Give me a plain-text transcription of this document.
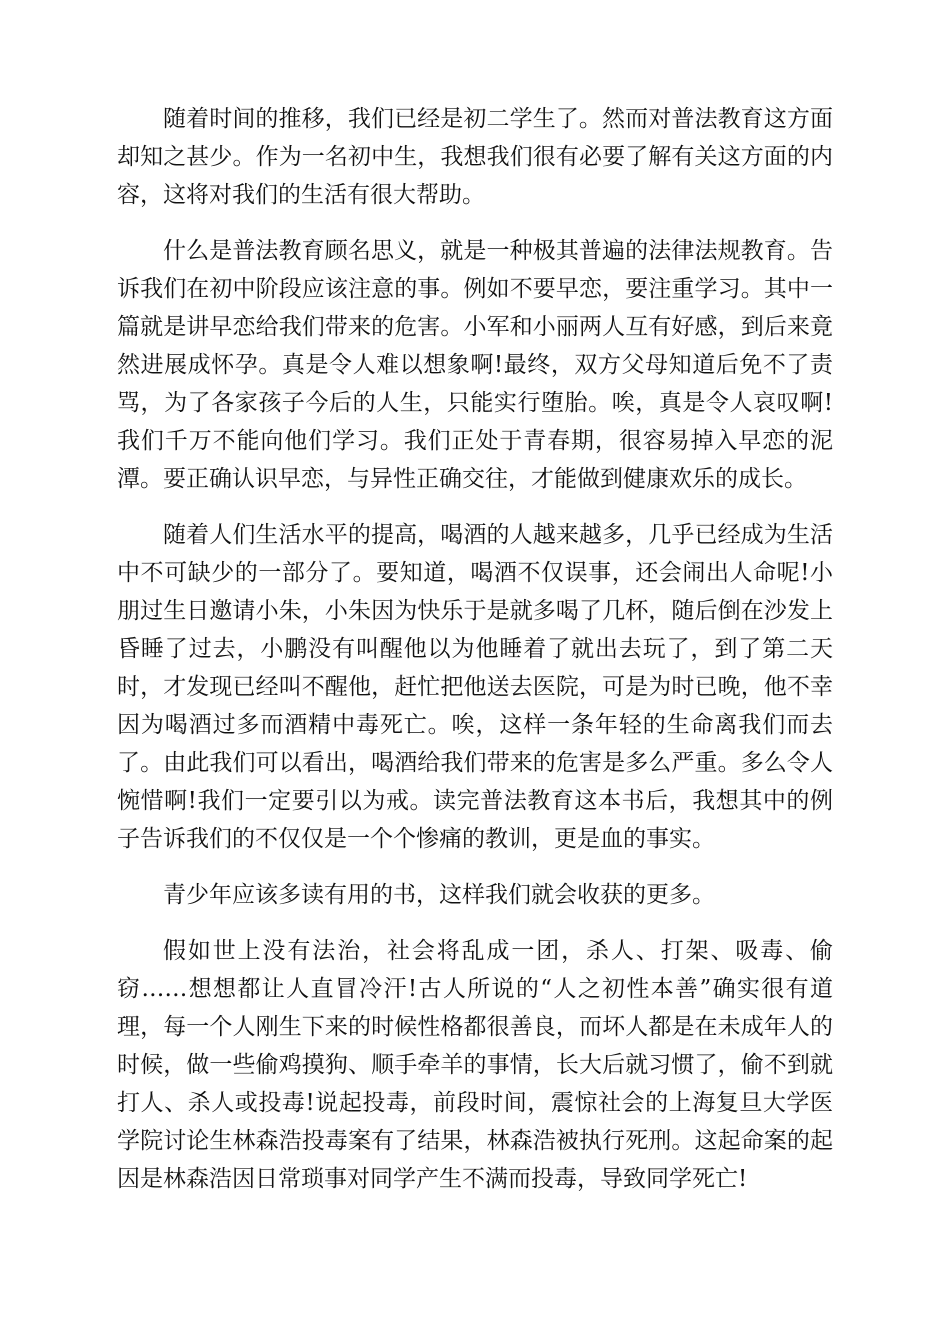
随着时间的推移，我们已经是初二学生了。然而对普法教育这方面却知之甚少。作为一名初中生，我想我们很有必要了解有关这方面的内容，这将对我们的生活有很大帮助。

什么是普法教育顾名思义，就是一种极其普遍的法律法规教育。告诉我们在初中阶段应该注意的事。例如不要早恋，要注重学习。其中一篇就是讲早恋给我们带来的危害。小军和小丽两人互有好感，到后来竟然进展成怀孕。真是令人难以想象啊!最终，双方父母知道后免不了责骂，为了各家孩子今后的人生，只能实行堕胎。唉，真是令人哀叹啊!我们千万不能向他们学习。我们正处于青春期，很容易掉入早恋的泥潭。要正确认识早恋，与异性正确交往，才能做到健康欢乐的成长。

随着人们生活水平的提高，喝酒的人越来越多，几乎已经成为生活中不可缺少的一部分了。要知道，喝酒不仅误事，还会闹出人命呢!小朋过生日邀请小朱，小朱因为快乐于是就多喝了几杯，随后倒在沙发上昏睡了过去，小鹏没有叫醒他以为他睡着了就出去玩了，到了第二天时，才发现已经叫不醒他，赶忙把他送去医院，可是为时已晚，他不幸因为喝酒过多而酒精中毒死亡。唉，这样一条年轻的生命离我们而去了。由此我们可以看出，喝酒给我们带来的危害是多么严重。多么令人惋惜啊!我们一定要引以为戒。读完普法教育这本书后，我想其中的例子告诉我们的不仅仅是一个个惨痛的教训，更是血的事实。

青少年应该多读有用的书，这样我们就会收获的更多。

假如世上没有法治，社会将乱成一团，杀人、打架、吸毒、偷窃……想想都让人直冒冷汗!古人所说的“人之初性本善”确实很有道理，每一个人刚生下来的时候性格都很善良，而坏人都是在未成年人的时候，做一些偷鸡摸狗、顺手牵羊的事情，长大后就习惯了，偷不到就打人、杀人或投毒!说起投毒，前段时间，震惊社会的上海复旦大学医学院讨论生林森浩投毒案有了结果，林森浩被执行死刑。这起命案的起因是林森浩因日常琐事对同学产生不满而投毒，导致同学死亡!
